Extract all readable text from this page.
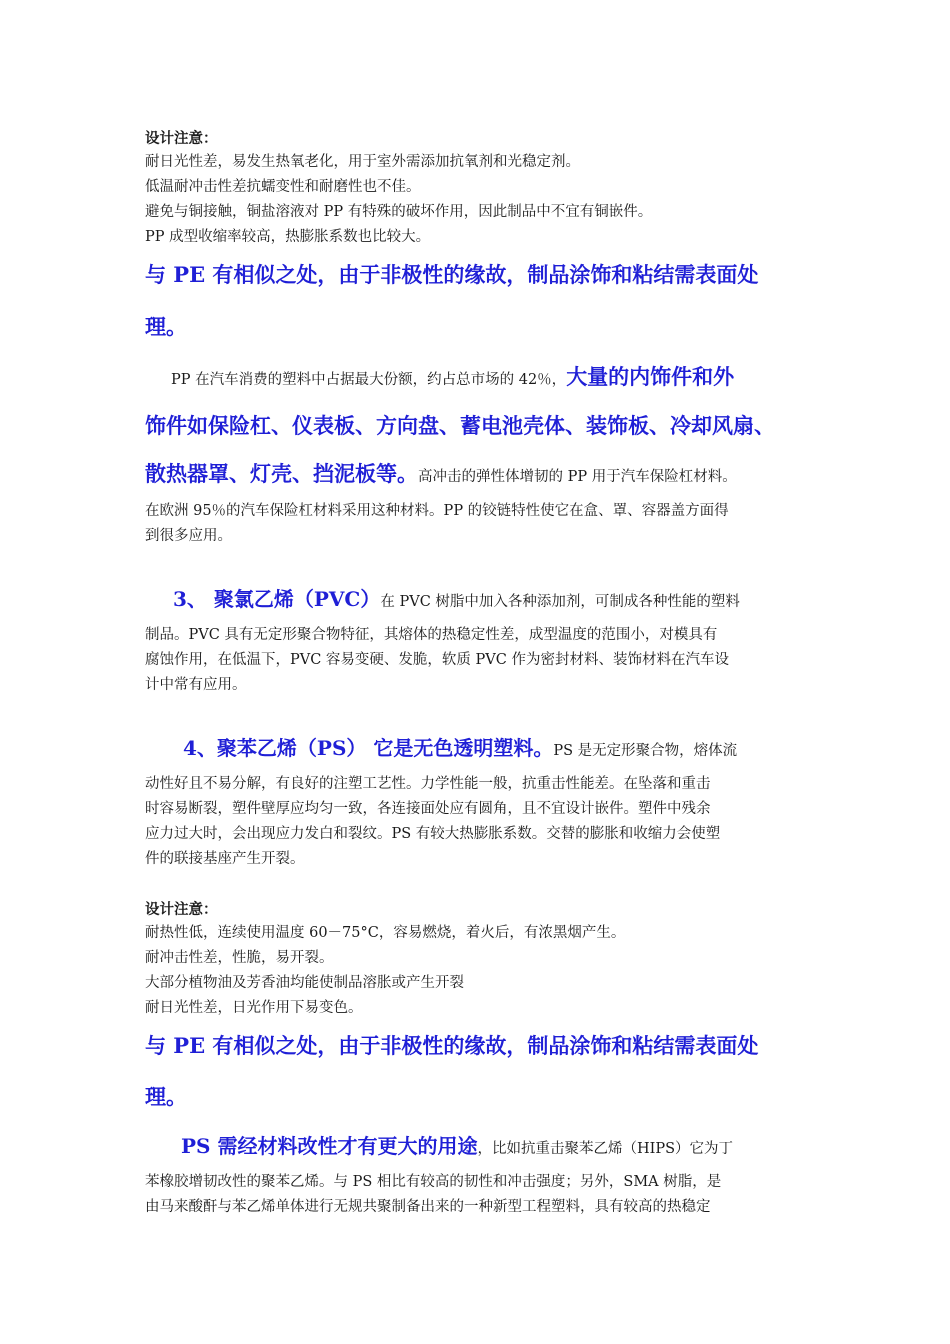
设计注意：
耐日光性差，易发生热氧老化，用于室外需添加抗氧剂和光稳定剂。
低温耐冲击性差抗蠕变性和耐磨性也不佳。
避免与铜接触，铜盐溶液对 PP 有特殊的破坏作用，因此制品中不宜有铜嵌件。
PP 成型收缩率较高，热膨胀系数也比较大。
与 PE 有相似之处，由于非极性的缘故，制品涂饰和粘结需表面处
理。
PP 在汽车消费的塑料中占据最大份额，约占总市场的 42％，大量的内饰件和外
饰件如保险杠、仪表板、方向盘、蓄电池壳体、装饰板、冷却风扇、
散热器罩、灯壳、挡泥板等。高冲击的弹性体增韧的 PP 用于汽车保险杠材料。
在欧洲 95％的汽车保险杠材料采用这种材料。PP 的铰链特性使它在盒、罩、容器盖方面得
到很多应用。
3、 聚氯乙烯（PVC）在 PVC 树脂中加入各种添加剂，可制成各种性能的塑料
制品。PVC 具有无定形聚合物特征，其熔体的热稳定性差，成型温度的范围小，对模具有
腐蚀作用，在低温下，PVC 容易变硬、发脆，软质 PVC 作为密封材料、装饰材料在汽车设
计中常有应用。
4、聚苯乙烯（PS） 它是无色透明塑料。PS 是无定形聚合物，熔体流
动性好且不易分解，有良好的注塑工艺性。力学性能一般，抗重击性能差。在坠落和重击
时容易断裂，塑件壁厚应均匀一致，各连接面处应有圆角，且不宜设计嵌件。塑件中残余
应力过大时，会出现应力发白和裂纹。PS 有较大热膨胀系数。交替的膨胀和收缩力会使塑
件的联接基座产生开裂。
设计注意：
耐热性低，连续使用温度 60－75°C，容易燃烧，着火后，有浓黑烟产生。
耐冲击性差，性脆，易开裂。
大部分植物油及芳香油均能使制品溶胀或产生开裂
耐日光性差，日光作用下易变色。
与 PE 有相似之处，由于非极性的缘故，制品涂饰和粘结需表面处
理。
PS 需经材料改性才有更大的用途，比如抗重击聚苯乙烯（HIPS）它为丁
苯橡胶增韧改性的聚苯乙烯。与 PS 相比有较高的韧性和冲击强度；另外，SMA 树脂，是
由马来酸酐与苯乙烯单体进行无规共聚制备出来的一种新型工程塑料，具有较高的热稳定
